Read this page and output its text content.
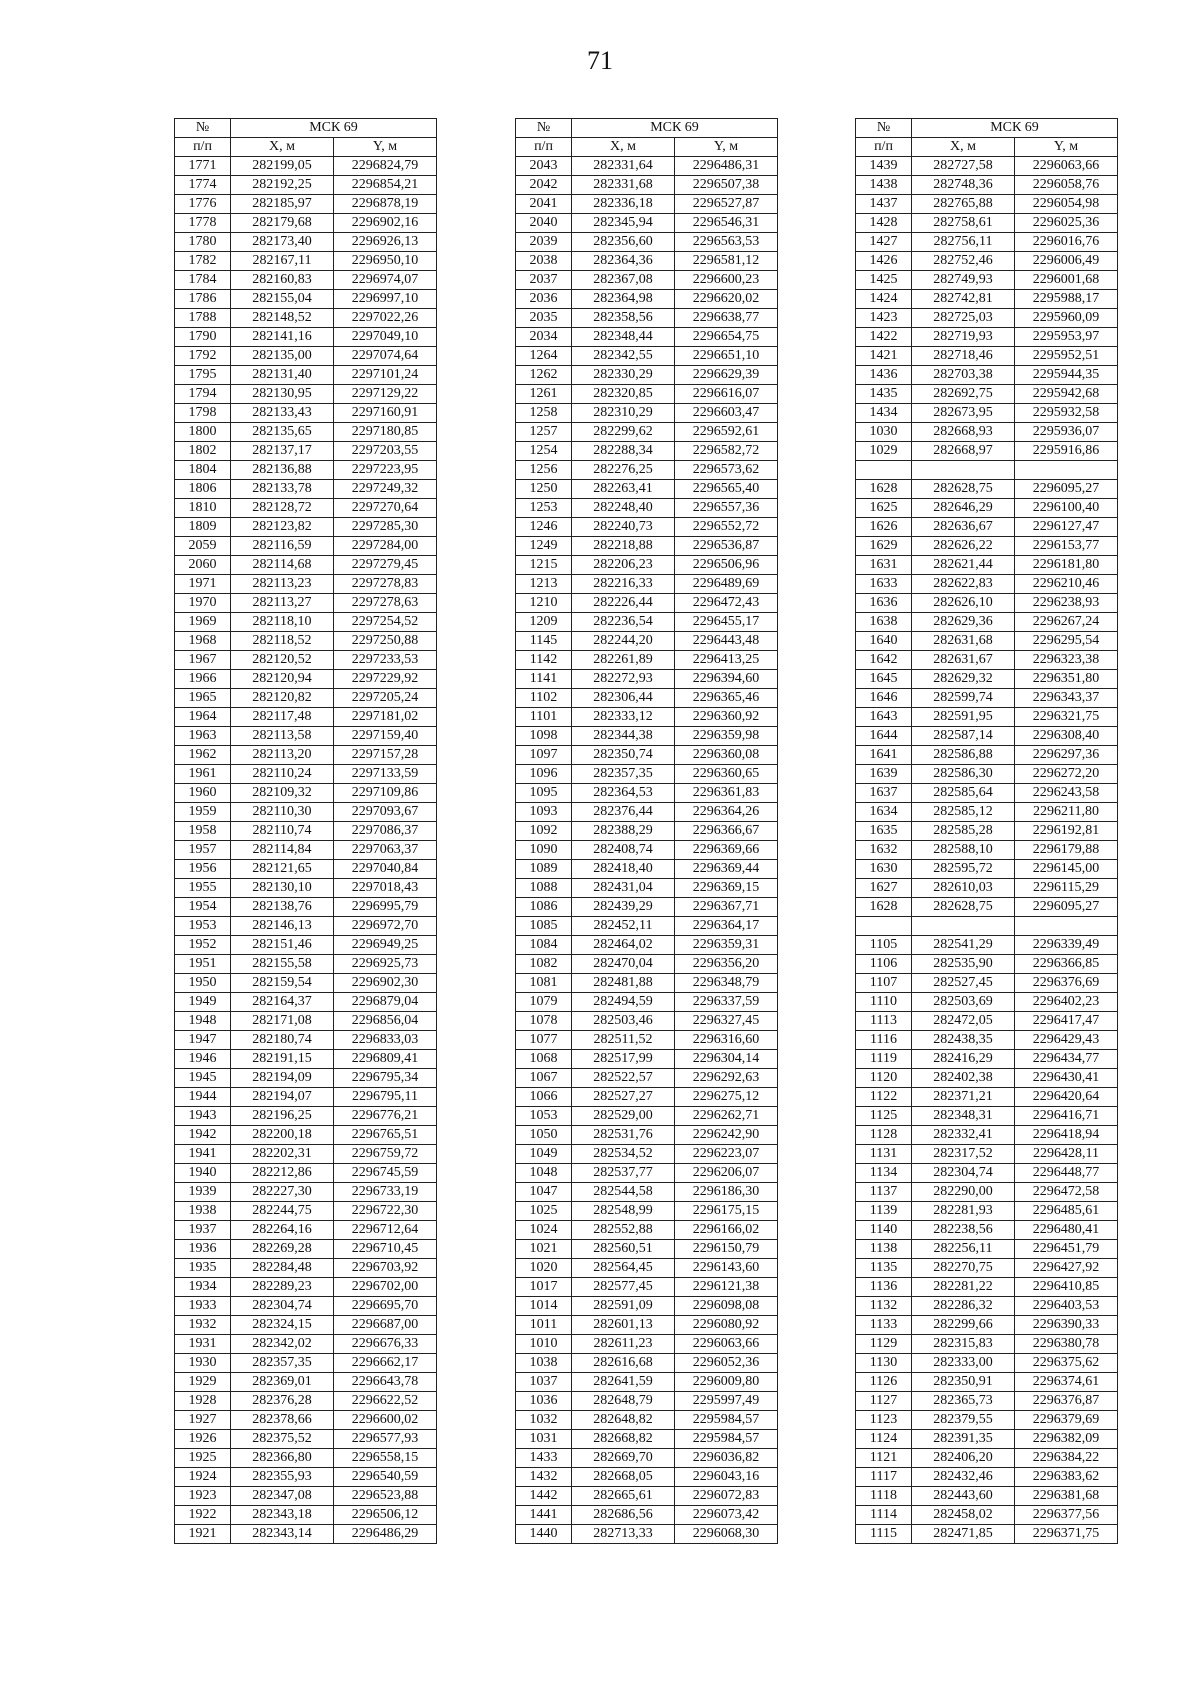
71
№	МСК 69	
п/п	X, м	Y, м
1771	282199,05	2296824,79
1774	282192,25	2296854,21
1776	282185,97	2296878,19
1778	282179,68	2296902,16
1780	282173,40	2296926,13
1782	282167,11	2296950,10
1784	282160,83	2296974,07
1786	282155,04	2296997,10
1788	282148,52	2297022,26
1790	282141,16	2297049,10
1792	282135,00	2297074,64
1795	282131,40	2297101,24
1794	282130,95	2297129,22
1798	282133,43	2297160,91
1800	282135,65	2297180,85
1802	282137,17	2297203,55
1804	282136,88	2297223,95
1806	282133,78	2297249,32
1810	282128,72	2297270,64
1809	282123,82	2297285,30
2059	282116,59	2297284,00
2060	282114,68	2297279,45
1971	282113,23	2297278,83
1970	282113,27	2297278,63
1969	282118,10	2297254,52
1968	282118,52	2297250,88
1967	282120,52	2297233,53
1966	282120,94	2297229,92
1965	282120,82	2297205,24
1964	282117,48	2297181,02
1963	282113,58	2297159,40
1962	282113,20	2297157,28
1961	282110,24	2297133,59
1960	282109,32	2297109,86
1959	282110,30	2297093,67
1958	282110,74	2297086,37
1957	282114,84	2297063,37
1956	282121,65	2297040,84
1955	282130,10	2297018,43
1954	282138,76	2296995,79
1953	282146,13	2296972,70
1952	282151,46	2296949,25
1951	282155,58	2296925,73
1950	282159,54	2296902,30
1949	282164,37	2296879,04
1948	282171,08	2296856,04
1947	282180,74	2296833,03
1946	282191,15	2296809,41
1945	282194,09	2296795,34
1944	282194,07	2296795,11
1943	282196,25	2296776,21
1942	282200,18	2296765,51
1941	282202,31	2296759,72
1940	282212,86	2296745,59
1939	282227,30	2296733,19
1938	282244,75	2296722,30
1937	282264,16	2296712,64
1936	282269,28	2296710,45
1935	282284,48	2296703,92
1934	282289,23	2296702,00
1933	282304,74	2296695,70
1932	282324,15	2296687,00
1931	282342,02	2296676,33
1930	282357,35	2296662,17
1929	282369,01	2296643,78
1928	282376,28	2296622,52
1927	282378,66	2296600,02
1926	282375,52	2296577,93
1925	282366,80	2296558,15
1924	282355,93	2296540,59
1923	282347,08	2296523,88
1922	282343,18	2296506,12
1921	282343,14	2296486,29
№	МСК 69	
п/п	X, м	Y, м
2043	282331,64	2296486,31
2042	282331,68	2296507,38
2041	282336,18	2296527,87
2040	282345,94	2296546,31
2039	282356,60	2296563,53
2038	282364,36	2296581,12
2037	282367,08	2296600,23
2036	282364,98	2296620,02
2035	282358,56	2296638,77
2034	282348,44	2296654,75
1264	282342,55	2296651,10
1262	282330,29	2296629,39
1261	282320,85	2296616,07
1258	282310,29	2296603,47
1257	282299,62	2296592,61
1254	282288,34	2296582,72
1256	282276,25	2296573,62
1250	282263,41	2296565,40
1253	282248,40	2296557,36
1246	282240,73	2296552,72
1249	282218,88	2296536,87
1215	282206,23	2296506,96
1213	282216,33	2296489,69
1210	282226,44	2296472,43
1209	282236,54	2296455,17
1145	282244,20	2296443,48
1142	282261,89	2296413,25
1141	282272,93	2296394,60
1102	282306,44	2296365,46
1101	282333,12	2296360,92
1098	282344,38	2296359,98
1097	282350,74	2296360,08
1096	282357,35	2296360,65
1095	282364,53	2296361,83
1093	282376,44	2296364,26
1092	282388,29	2296366,67
1090	282408,74	2296369,66
1089	282418,40	2296369,44
1088	282431,04	2296369,15
1086	282439,29	2296367,71
1085	282452,11	2296364,17
1084	282464,02	2296359,31
1082	282470,04	2296356,20
1081	282481,88	2296348,79
1079	282494,59	2296337,59
1078	282503,46	2296327,45
1077	282511,52	2296316,60
1068	282517,99	2296304,14
1067	282522,57	2296292,63
1066	282527,27	2296275,12
1053	282529,00	2296262,71
1050	282531,76	2296242,90
1049	282534,52	2296223,07
1048	282537,77	2296206,07
1047	282544,58	2296186,30
1025	282548,99	2296175,15
1024	282552,88	2296166,02
1021	282560,51	2296150,79
1020	282564,45	2296143,60
1017	282577,45	2296121,38
1014	282591,09	2296098,08
1011	282601,13	2296080,92
1010	282611,23	2296063,66
1038	282616,68	2296052,36
1037	282641,59	2296009,80
1036	282648,79	2295997,49
1032	282648,82	2295984,57
1031	282668,82	2295984,57
1433	282669,70	2296036,82
1432	282668,05	2296043,16
1442	282665,61	2296072,83
1441	282686,56	2296073,42
1440	282713,33	2296068,30
№	МСК 69	
п/п	X, м	Y, м
1439	282727,58	2296063,66
1438	282748,36	2296058,76
1437	282765,88	2296054,98
1428	282758,61	2296025,36
1427	282756,11	2296016,76
1426	282752,46	2296006,49
1425	282749,93	2296001,68
1424	282742,81	2295988,17
1423	282725,03	2295960,09
1422	282719,93	2295953,97
1421	282718,46	2295952,51
1436	282703,38	2295944,35
1435	282692,75	2295942,68
1434	282673,95	2295932,58
1030	282668,93	2295936,07
1029	282668,97	2295916,86

1628	282628,75	2296095,27
1625	282646,29	2296100,40
1626	282636,67	2296127,47
1629	282626,22	2296153,77
1631	282621,44	2296181,80
1633	282622,83	2296210,46
1636	282626,10	2296238,93
1638	282629,36	2296267,24
1640	282631,68	2296295,54
1642	282631,67	2296323,38
1645	282629,32	2296351,80
1646	282599,74	2296343,37
1643	282591,95	2296321,75
1644	282587,14	2296308,40
1641	282586,88	2296297,36
1639	282586,30	2296272,20
1637	282585,64	2296243,58
1634	282585,12	2296211,80
1635	282585,28	2296192,81
1632	282588,10	2296179,88
1630	282595,72	2296145,00
1627	282610,03	2296115,29
1628	282628,75	2296095,27

1105	282541,29	2296339,49
1106	282535,90	2296366,85
1107	282527,45	2296376,69
1110	282503,69	2296402,23
1113	282472,05	2296417,47
1116	282438,35	2296429,43
1119	282416,29	2296434,77
1120	282402,38	2296430,41
1122	282371,21	2296420,64
1125	282348,31	2296416,71
1128	282332,41	2296418,94
1131	282317,52	2296428,11
1134	282304,74	2296448,77
1137	282290,00	2296472,58
1139	282281,93	2296485,61
1140	282238,56	2296480,41
1138	282256,11	2296451,79
1135	282270,75	2296427,92
1136	282281,22	2296410,85
1132	282286,32	2296403,53
1133	282299,66	2296390,33
1129	282315,83	2296380,78
1130	282333,00	2296375,62
1126	282350,91	2296374,61
1127	282365,73	2296376,87
1123	282379,55	2296379,69
1124	282391,35	2296382,09
1121	282406,20	2296384,22
1117	282432,46	2296383,62
1118	282443,60	2296381,68
1114	282458,02	2296377,56
1115	282471,85	2296371,75
